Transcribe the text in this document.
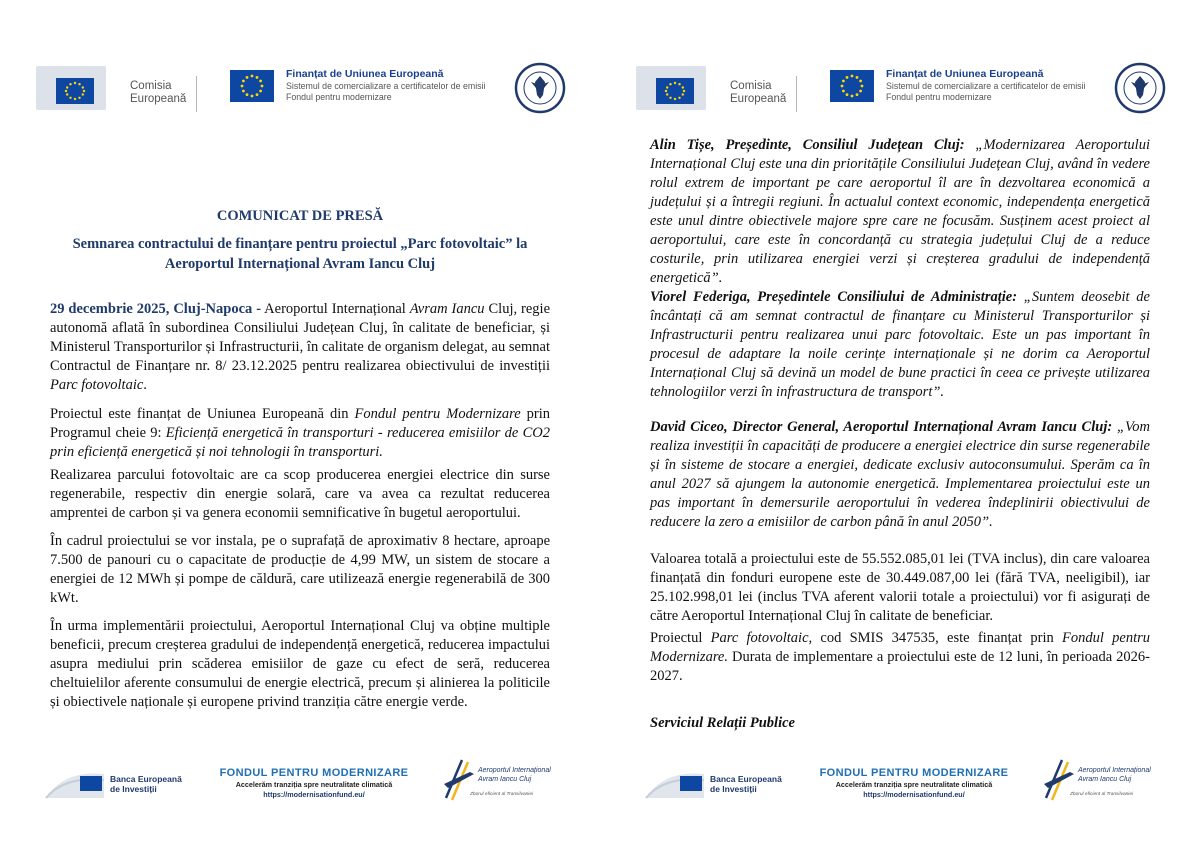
Comisia
Europeană
Finanțat de Uniunea Europeană
Sistemul de comercializare a certificatelor de emisii
Fondul pentru modernizare
COMUNICAT DE PRESĂ
Semnarea contractului de finanțare pentru proiectul „Parc fotovoltaic” la Aeroportul Internațional Avram Iancu Cluj
29 decembrie 2025, Cluj-Napoca - Aeroportul Internațional Avram Iancu Cluj, regie autonomă aflată în subordinea Consiliului Județean Cluj, în calitate de beneficiar, și Ministerul Transporturilor și Infrastructurii, în calitate de organism delegat, au semnat Contractul de Finanțare nr. 8/ 23.12.2025 pentru realizarea obiectivului de investiții Parc fotovoltaic.
Proiectul este finanțat de Uniunea Europeană din Fondul pentru Modernizare prin Programul cheie 9: Eficiență energetică în transporturi - reducerea emisiilor de CO2 prin eficiență energetică și noi tehnologii în transporturi.
Realizarea parcului fotovoltaic are ca scop producerea energiei electrice din surse regenerabile, respectiv din energie solară, care va avea ca rezultat reducerea amprentei de carbon și va genera economii semnificative în bugetul aeroportului.
În cadrul proiectului se vor instala, pe o suprafață de aproximativ 8 hectare, aproape 7.500 de panouri cu o capacitate de producție de 4,99 MW, un sistem de stocare a energiei de 12 MWh și pompe de căldură, care utilizează energie regenerabilă de 300 kWt.
În urma implementării proiectului, Aeroportul Internațional Cluj va obține multiple beneficii, precum creșterea gradului de independență energetică, reducerea impactului asupra mediului prin scăderea emisiilor de gaze cu efect de seră, reducerea cheltuielilor aferente consumului de energie electrică, precum și alinierea la politicile și obiectivele naționale și europene privind tranziția către energie verde.
Banca Europeană
de Investiții
FONDUL PENTRU MODERNIZARE
Accelerăm tranziția spre neutralitate climatică
https://modernisationfund.eu/
Aeroportul Internațional
Avram Iancu Cluj
Zborul eficient al Transilvaniei
Comisia
Europeană
Finanțat de Uniunea Europeană
Sistemul de comercializare a certificatelor de emisii
Fondul pentru modernizare
Alin Tișe, Președinte, Consiliul Județean Cluj: „Modernizarea Aeroportului Internațional Cluj este una din prioritățile Consiliului Județean Cluj, având în vedere rolul extrem de important pe care aeroportul îl are în dezvoltarea economică a județului și a întregii regiuni. În actualul context economic, independența energetică este unul dintre obiectivele majore spre care ne focusăm. Susținem acest proiect al aeroportului, care este în concordanță cu strategia județului Cluj de a reduce costurile, prin utilizarea energiei verzi și creșterea gradului de independență energetică”.
Viorel Federiga, Președintele Consiliului de Administrație: „Suntem deosebit de încântați că am semnat contractul de finanțare cu Ministerul Transporturilor și Infrastructurii pentru realizarea unui parc fotovoltaic. Este un pas important în procesul de adaptare la noile cerințe internaționale și ne dorim ca Aeroportul Internațional Cluj să devină un model de bune practici în ceea ce privește utilizarea tehnologiilor verzi în infrastructura de transport”.
David Ciceo, Director General, Aeroportul Internațional Avram Iancu Cluj: „Vom realiza investiții în capacități de producere a energiei electrice din surse regenerabile și în sisteme de stocare a energiei, dedicate exclusiv autoconsumului. Sperăm ca în anul 2027 să ajungem la autonomie energetică. Implementarea proiectului este un pas important în demersurile aeroportului în vederea îndeplinirii obiectivului de reducere la zero a emisiilor de carbon până în anul 2050”.
Valoarea totală a proiectului este de 55.552.085,01 lei (TVA inclus), din care valoarea finanțată din fonduri europene este de 30.449.087,00 lei (fără TVA, neeligibil), iar 25.102.998,01 lei (inclus TVA aferent valorii totale a proiectului) vor fi asigurați de către Aeroportul Internațional Cluj în calitate de beneficiar.
Proiectul Parc fotovoltaic, cod SMIS 347535, este finanțat prin Fondul pentru Modernizare. Durata de implementare a proiectului este de 12 luni, în perioada 2026-2027.
Serviciul Relații Publice
Banca Europeană
de Investiții
FONDUL PENTRU MODERNIZARE
Accelerăm tranziția spre neutralitate climatică
https://modernisationfund.eu/
Aeroportul Internațional
Avram Iancu Cluj
Zborul eficient al Transilvaniei
